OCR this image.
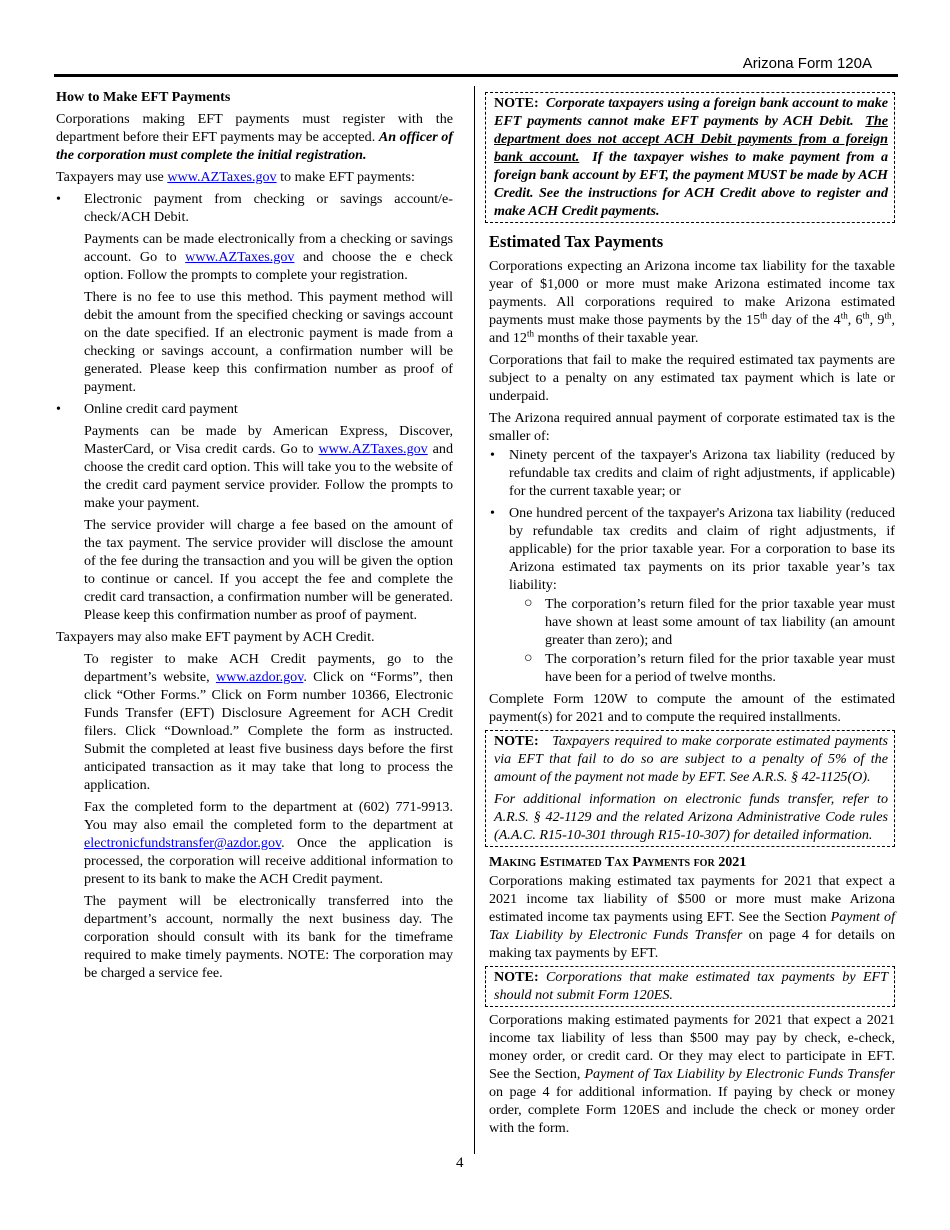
Arizona Form 120A
How to Make EFT Payments

Corporations making EFT payments must register with the department before their EFT payments may be accepted. An officer of the corporation must complete the initial registration.

Taxpayers may use www.AZTaxes.gov to make EFT payments:

• Electronic payment from checking or savings account/e-check/ACH Debit.

Payments can be made electronically from a checking or savings account. Go to www.AZTaxes.gov and choose the e check option. Follow the prompts to complete your registration.

There is no fee to use this method. This payment method will debit the amount from the specified checking or savings account on the date specified. If an electronic payment is made from a checking or savings account, a confirmation number will be generated. Please keep this confirmation number as proof of payment.

• Online credit card payment

Payments can be made by American Express, Discover, MasterCard, or Visa credit cards. Go to www.AZTaxes.gov and choose the credit card option. This will take you to the website of the credit card payment service provider. Follow the prompts to make your payment.

The service provider will charge a fee based on the amount of the tax payment. The service provider will disclose the amount of the fee during the transaction and you will be given the option to continue or cancel. If you accept the fee and complete the credit card transaction, a confirmation number will be generated. Please keep this confirmation number as proof of payment.

Taxpayers may also make EFT payment by ACH Credit.

To register to make ACH Credit payments, go to the department’s website, www.azdor.gov. Click on “Forms”, then click “Other Forms.” Click on Form number 10366, Electronic Funds Transfer (EFT) Disclosure Agreement for ACH Credit filers. Click “Download.” Complete the form as instructed. Submit the completed at least five business days before the first anticipated transaction as it may take that long to process the application.

Fax the completed form to the department at (602) 771-9913. You may also email the completed form to the department at electronicfundstransfer@azdor.gov. Once the application is processed, the corporation will receive additional information to present to its bank to make the ACH Credit payment.

The payment will be electronically transferred into the department’s account, normally the next business day. The corporation should consult with its bank for the timeframe required to make timely payments. NOTE: The corporation may be charged a service fee.

NOTE: Corporate taxpayers using a foreign bank account to make EFT payments cannot make EFT payments by ACH Debit. The department does not accept ACH Debit payments from a foreign bank account. If the taxpayer wishes to make payment from a foreign bank account by EFT, the payment MUST be made by ACH Credit. See the instructions for ACH Credit above to register and make ACH Credit payments.

Estimated Tax Payments

Corporations expecting an Arizona income tax liability for the taxable year of $1,000 or more must make Arizona estimated income tax payments. All corporations required to make Arizona estimated payments must make those payments by the 15th day of the 4th, 6th, 9th, and 12th months of their taxable year.

Corporations that fail to make the required estimated tax payments are subject to a penalty on any estimated tax payment which is late or underpaid.

The Arizona required annual payment of corporate estimated tax is the smaller of:

• Ninety percent of the taxpayer's Arizona tax liability (reduced by refundable tax credits and claim of right adjustments, if applicable) for the current taxable year; or

• One hundred percent of the taxpayer's Arizona tax liability (reduced by refundable tax credits and claim of right adjustments, if applicable) for the prior taxable year. For a corporation to base its Arizona estimated tax payments on its prior taxable year’s tax liability:

○ The corporation’s return filed for the prior taxable year must have shown at least some amount of tax liability (an amount greater than zero); and

○ The corporation’s return filed for the prior taxable year must have been for a period of twelve months.

Complete Form 120W to compute the amount of the estimated payment(s) for 2021 and to compute the required installments.

NOTE: Taxpayers required to make corporate estimated payments via EFT that fail to do so are subject to a penalty of 5% of the amount of the payment not made by EFT. See A.R.S. § 42-1125(O).

For additional information on electronic funds transfer, refer to A.R.S. § 42-1129 and the related Arizona Administrative Code rules (A.A.C. R15-10-301 through R15-10-307) for detailed information.

Making Estimated Tax Payments for 2021

Corporations making estimated tax payments for 2021 that expect a 2021 income tax liability of $500 or more must make Arizona estimated income tax payments using EFT. See the Section Payment of Tax Liability by Electronic Funds Transfer on page 4 for details on making tax payments by EFT.

NOTE: Corporations that make estimated tax payments by EFT should not submit Form 120ES.

Corporations making estimated payments for 2021 that expect a 2021 income tax liability of less than $500 may pay by check, e-check, money order, or credit card. Or they may elect to participate in EFT. See the Section, Payment of Tax Liability by Electronic Funds Transfer on page 4 for additional information. If paying by check or money order, complete Form 120ES and include the check or money order with the form.

4
